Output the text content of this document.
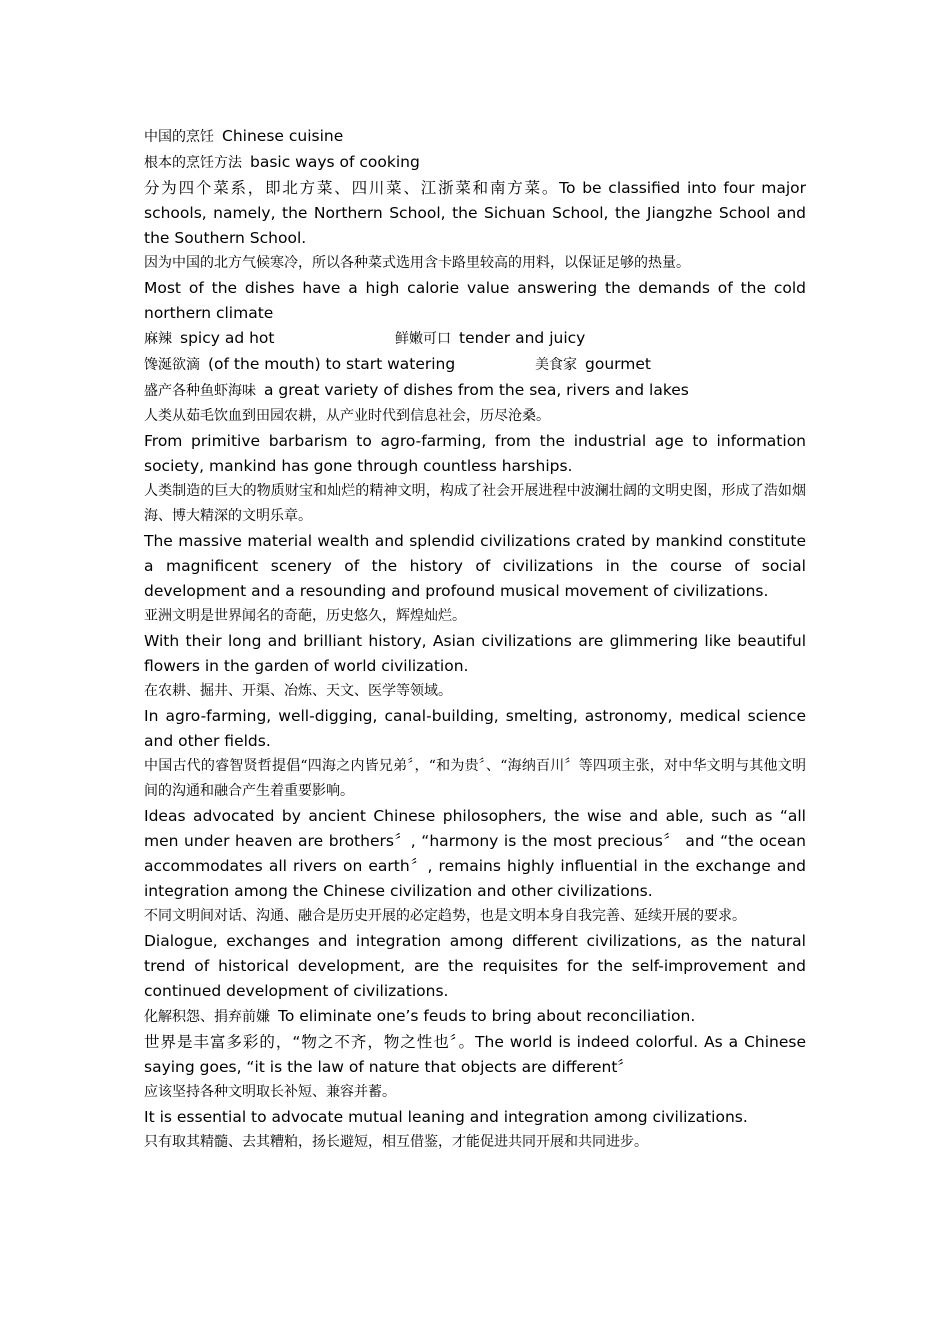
中国的烹饪 Chinese cuisine

根本的烹饪方法 basic ways of cooking

分为四个菜系，即北方菜、四川菜、江浙菜和南方菜。To be classified into four major schools, namely, the Northern School, the Sichuan School, the Jiangzhe School and the Southern School.

因为中国的北方气候寒冷，所以各种菜式选用含卡路里较高的用料，以保证足够的热量。

Most of the dishes have a high calorie value answering the demands of the cold northern climate

麻辣 spicy ad hot	鲜嫩可口 tender and juicy
馋涎欲滴 (of the mouth) to start watering	美食家 gourmet

盛产各种鱼虾海味 a great variety of dishes from the sea, rivers and lakes

人类从茹毛饮血到田园农耕，从产业时代到信息社会，历尽沧桑。

From primitive barbarism to agro-farming, from the industrial age to information society, mankind has gone through countless harships.

人类制造的巨大的物质财宝和灿烂的精神文明，构成了社会开展进程中波澜壮阔的文明史图，形成了浩如烟海、博大精深的文明乐章。

The massive material wealth and splendid civilizations crated by mankind constitute a magnificent scenery of the history of civilizations in the course of social development and a resounding and profound musical movement of civilizations.

亚洲文明是世界闻名的奇葩，历史悠久，辉煌灿烂。

With their long and brilliant history, Asian civilizations are glimmering like beautiful flowers in the garden of world civilization.

在农耕、掘井、开渠、冶炼、天文、医学等领域。

In agro-farming, well-digging, canal-building, smelting, astronomy, medical science and other fields.

中国古代的睿智贤哲提倡“四海之内皆兄弟〞，“和为贵〞、“海纳百川〞等四项主张，对中华文明与其他文明间的沟通和融合产生着重要影响。

Ideas advocated by ancient Chinese philosophers, the wise and able, such as “all men under heaven are brothers〞, “harmony is the most precious〞 and “the ocean accommodates all rivers on earth〞, remains highly influential in the exchange and integration among the Chinese civilization and other civilizations.

不同文明间对话、沟通、融合是历史开展的必定趋势，也是文明本身自我完善、延续开展的要求。

Dialogue, exchanges and integration among different civilizations, as the natural trend of historical development, are the requisites for the self-improvement and continued development of civilizations.

化解积怨、捐弃前嫌 To eliminate one’s feuds to bring about reconciliation.

世界是丰富多彩的，“物之不齐，物之性也〞。The world is indeed colorful. As a Chinese saying goes, “it is the law of nature that objects are different〞

应该坚持各种文明取长补短、兼容并蓄。

It is essential to advocate mutual leaning and integration among civilizations.

只有取其精髓、去其糟粕，扬长避短，相互借鉴，才能促进共同开展和共同进步。
